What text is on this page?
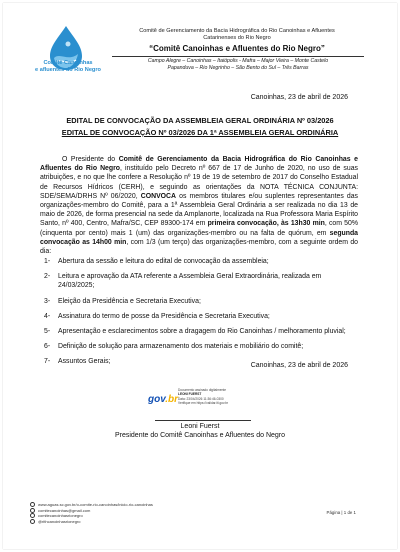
Comitê Canoinhas
e afluentes do Rio Negro
Comitê de Gerenciamento da Bacia Hidrográfica do Rio Canoinhas e Afluentes
Catarinenses do Rio Negro
“Comitê Canoinhas e Afluentes do Rio Negro”
Campo Alegre – Canoinhas – Itaiópolis - Mafra – Major Vieira – Monte Castelo
Papanduva – Rio Negrinho – São Bento do Sul – Três Barras
Canoinhas, 23 de abril de 2026
EDITAL DE CONVOCAÇÃO DA ASSEMBLEIA GERAL ORDINÁRIA Nº 03/2026
EDITAL DE CONVOCAÇÃO Nº 03/2026 DA 1ª ASSEMBLEIA GERAL ORDINÁRIA
O Presidente do Comitê de Gerenciamento da Bacia Hidrográfica do Rio Canoinhas e Afluentes do Rio Negro, instituído pelo Decreto nº 667 de 17 de Junho de 2020, no uso de suas atribuições, e no que lhe confere a Resolução nº 19 de 19 de setembro de 2017 do Conselho Estadual de Recursos Hídricos (CERH), e seguindo as orientações da NOTA TÉCNICA CONJUNTA: SDE/SEMA/DRHS Nº 06/2020, CONVOCA os membros titulares e/ou suplentes representantes das organizações-membro do Comitê, para a 1ª Assembleia Geral Ordinária a ser realizada no dia 13 de maio de 2026, de forma presencial na sede da Amplanorte, localizada na Rua Professora Maria Espírito Santo, nº 400, Centro, Mafra/SC, CEP 89300-174 em primeira convocação, às 13h30 min, com 50% (cinquenta por cento) mais 1 (um) das organizações-membro ou na falta de quórum, em segunda convocação as 14h00 min, com 1/3 (um terço) das organizações-membro, com a seguinte ordem do dia:
1- Abertura da sessão e leitura do edital de convocação da assembleia;
2- Leitura e aprovação da ATA referente a Assembleia Geral Extraordinária, realizada em 24/03/2025;
3- Eleição da Presidência e Secretaria Executiva;
4- Assinatura do termo de posse da Presidência e Secretaria Executiva;
5- Apresentação e esclarecimentos sobre a dragagem do Rio Canoinhas / melhoramento pluvial;
6- Definição de solução para armazenamento dos materiais e mobiliário do comitê;
7- Assuntos Gerais;
Canoinhas, 23 de abril de 2026
gov.br
Documento assinado digitalmente
LEONI FUERST
Data: 23/04/2026 11:36:46-0300
Verifique em https://validar.iti.gov.br
Leoni Fuerst
Presidente do Comitê Canoinhas e Afluentes do Negro
www.aguas.sc.gov.br/o-comite-rio-canoinhas/inicio-rio-canoinhas
comitecanoinhas@gmail.com
comitecanoinhasrionegro
@rithcanoinhasrionegro
Página | 1 de 1
